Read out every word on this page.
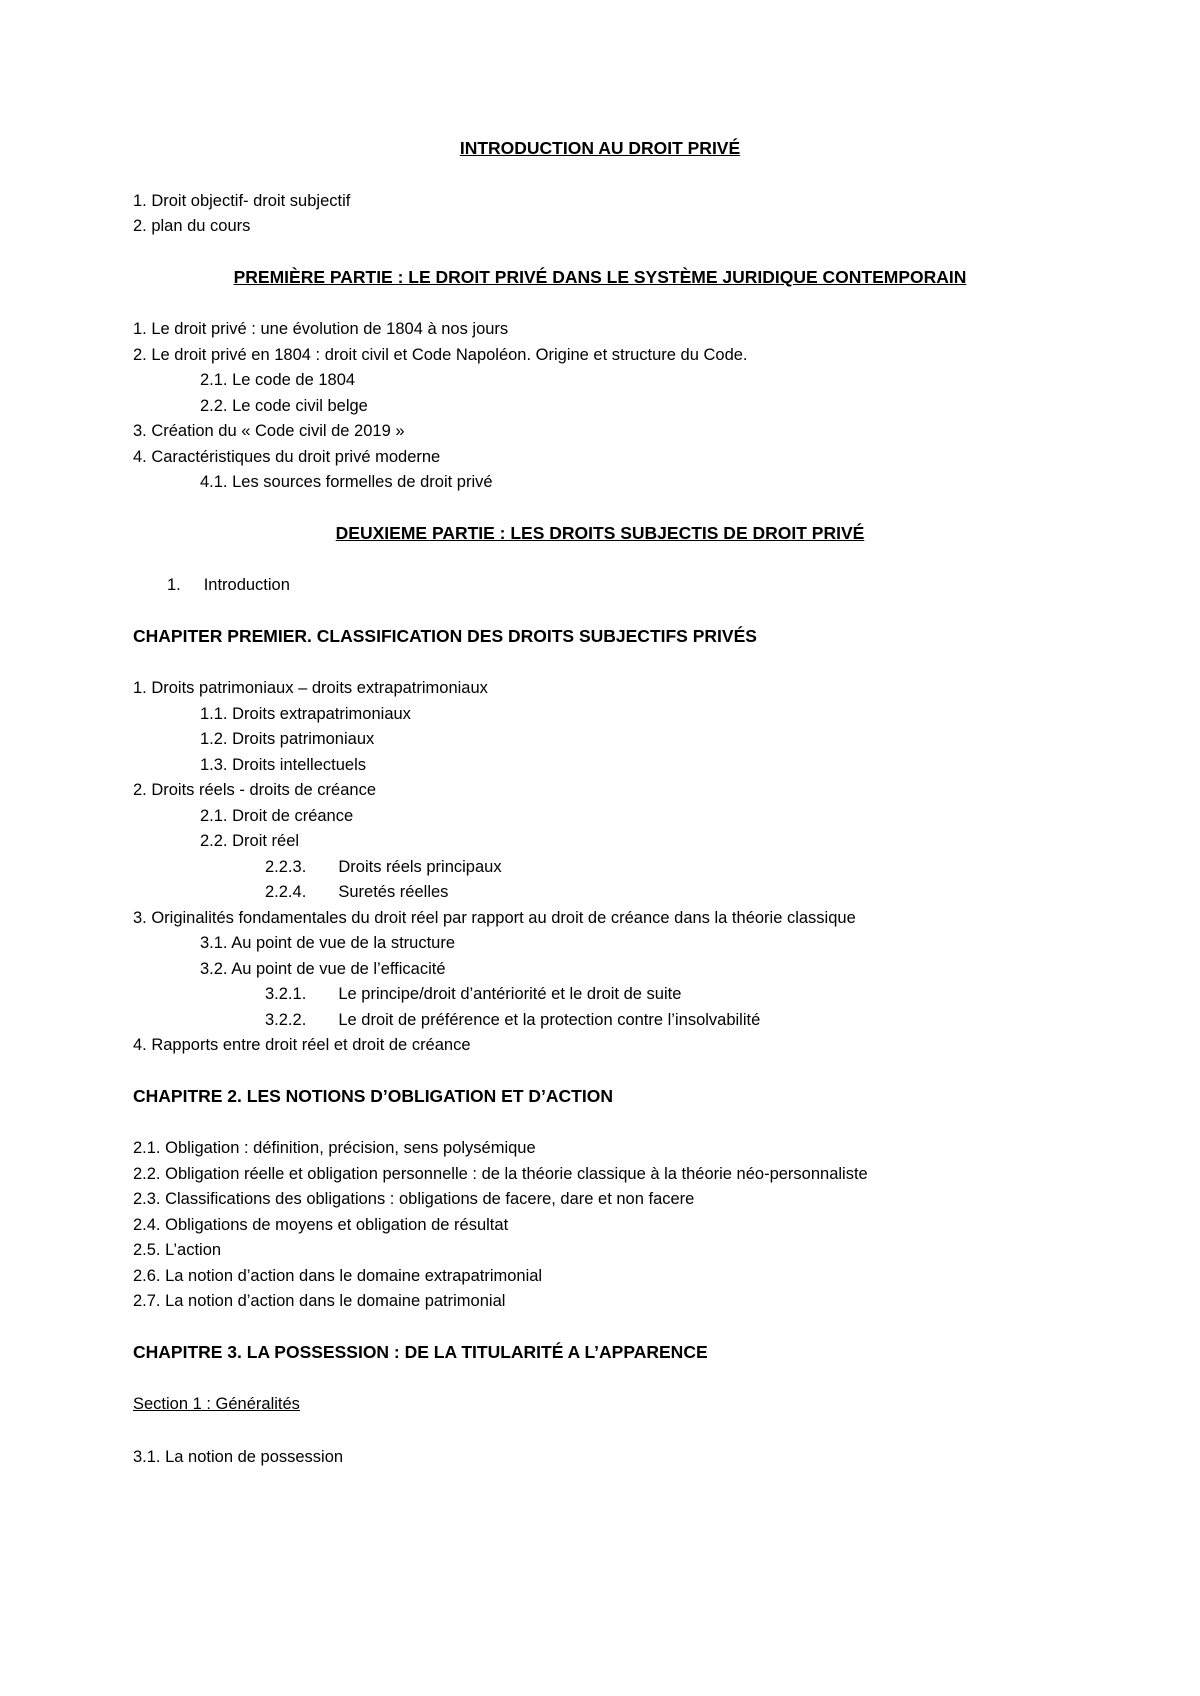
INTRODUCTION AU DROIT PRIVÉ
1. Droit objectif- droit subjectif
2. plan du cours
PREMIÈRE PARTIE : LE DROIT PRIVÉ DANS LE SYSTÈME JURIDIQUE CONTEMPORAIN
1. Le droit privé : une évolution de 1804 à nos jours
2. Le droit privé en 1804 : droit civil et Code Napoléon. Origine et structure du Code.
2.1. Le code de 1804
2.2. Le code civil belge
3. Création du « Code civil de 2019 »
4. Caractéristiques du droit privé moderne
4.1. Les sources formelles de droit privé
DEUXIEME PARTIE : LES DROITS SUBJECTIS DE DROIT PRIVÉ
1.	Introduction
CHAPITER PREMIER. CLASSIFICATION DES DROITS SUBJECTIFS PRIVÉS
1. Droits patrimoniaux – droits extrapatrimoniaux
1.1. Droits extrapatrimoniaux
1.2. Droits patrimoniaux
1.3. Droits intellectuels
2. Droits réels - droits de créance
2.1. Droit de créance
2.2. Droit réel
2.2.3.	Droits réels principaux
2.2.4.	Suretés réelles
3. Originalités fondamentales du droit réel par rapport au droit de créance dans la théorie classique
3.1. Au point de vue de la structure
3.2. Au point de vue de l’efficacité
3.2.1.	Le principe/droit d’antériorité et le droit de suite
3.2.2.	Le droit de préférence et la protection contre l’insolvabilité
4. Rapports entre droit réel et droit de créance
CHAPITRE 2. LES NOTIONS D’OBLIGATION ET D’ACTION
2.1. Obligation : définition, précision, sens polysémique
2.2. Obligation réelle et obligation personnelle : de la théorie classique à la théorie néo-personnaliste
2.3. Classifications des obligations : obligations de facere, dare et non facere
2.4. Obligations de moyens et obligation de résultat
2.5. L’action
2.6. La notion d’action dans le domaine extrapatrimonial
2.7. La notion d’action dans le domaine patrimonial
CHAPITRE 3. LA POSSESSION : DE LA TITULARITÉ A L’APPARENCE
Section 1 : Généralités
3.1. La notion de possession
